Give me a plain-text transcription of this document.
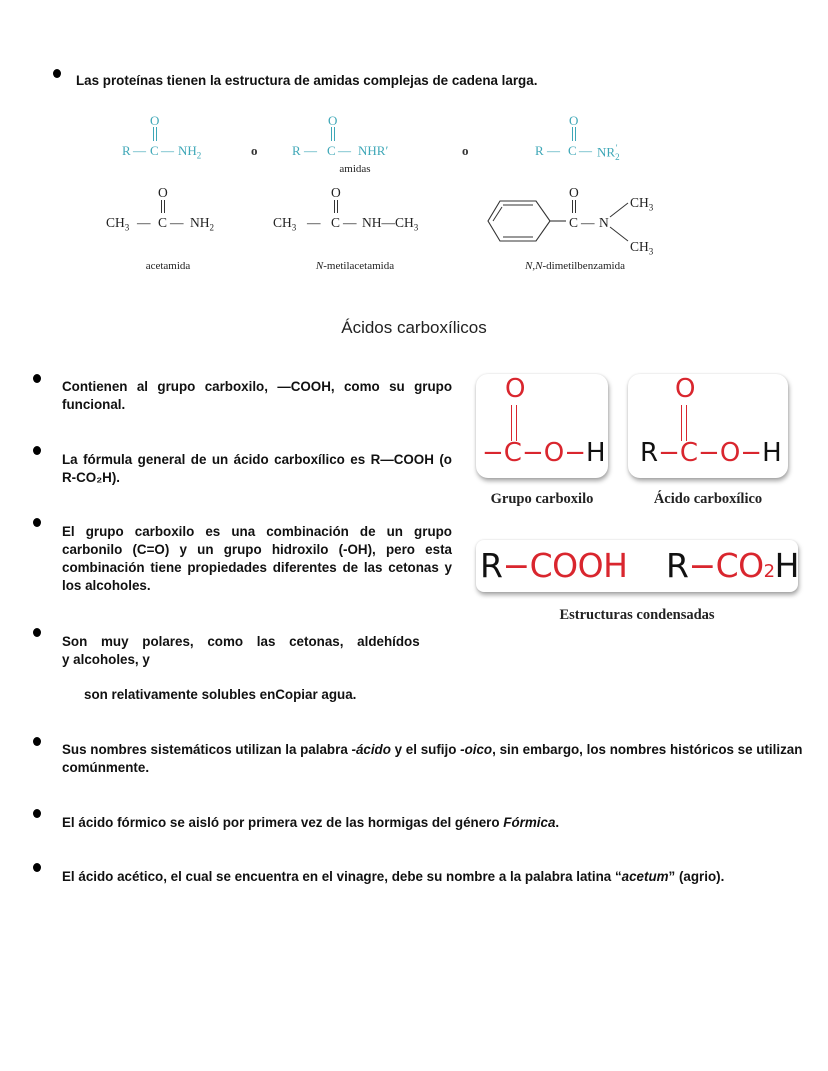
Las proteínas tienen la estructura de amidas complejas de cadena larga.
O
R — C — $NH_2$	o
O
R — C — NHR′
amidas
o
O
R — C — $NR_2'$
O
$CH_3$ — C — $NH_2$
acetamida
O
$CH_3$ — C — $NH—CH_3$
N-metilacetamida
O
C — N
$CH_3$
$CH_3$
N,N-dimetilbenzamida
Ácidos carboxílicos
Contienen al grupo carboxilo, —COOH, como su grupo funcional.
La fórmula general de un ácido carboxílico es R—COOH (o R-CO₂H).
El grupo carboxilo es una combinación de un grupo carbonilo (C=O) y un grupo hidroxilo (-OH), pero esta combinación tiene propiedades diferentes de las cetonas y los alcoholes.
Son muy polares, como las cetonas, aldehídos
y alcoholes, y
son relativamente solubles enCopiar agua.
O
−C−O−H
Grupo carboxilo
O
R−C−O−H
Ácido carboxílico
R−COOH R−CO2H
Estructuras condensadas
Sus nombres sistemáticos utilizan la palabra -ácido y el sufijo -oico, sin embargo, los nombres históricos se utilizan comúnmente.
El ácido fórmico se aisló por primera vez de las hormigas del género Fórmica.
El ácido acético, el cual se encuentra en el vinagre, debe su nombre a la palabra latina “acetum” (agrio).
